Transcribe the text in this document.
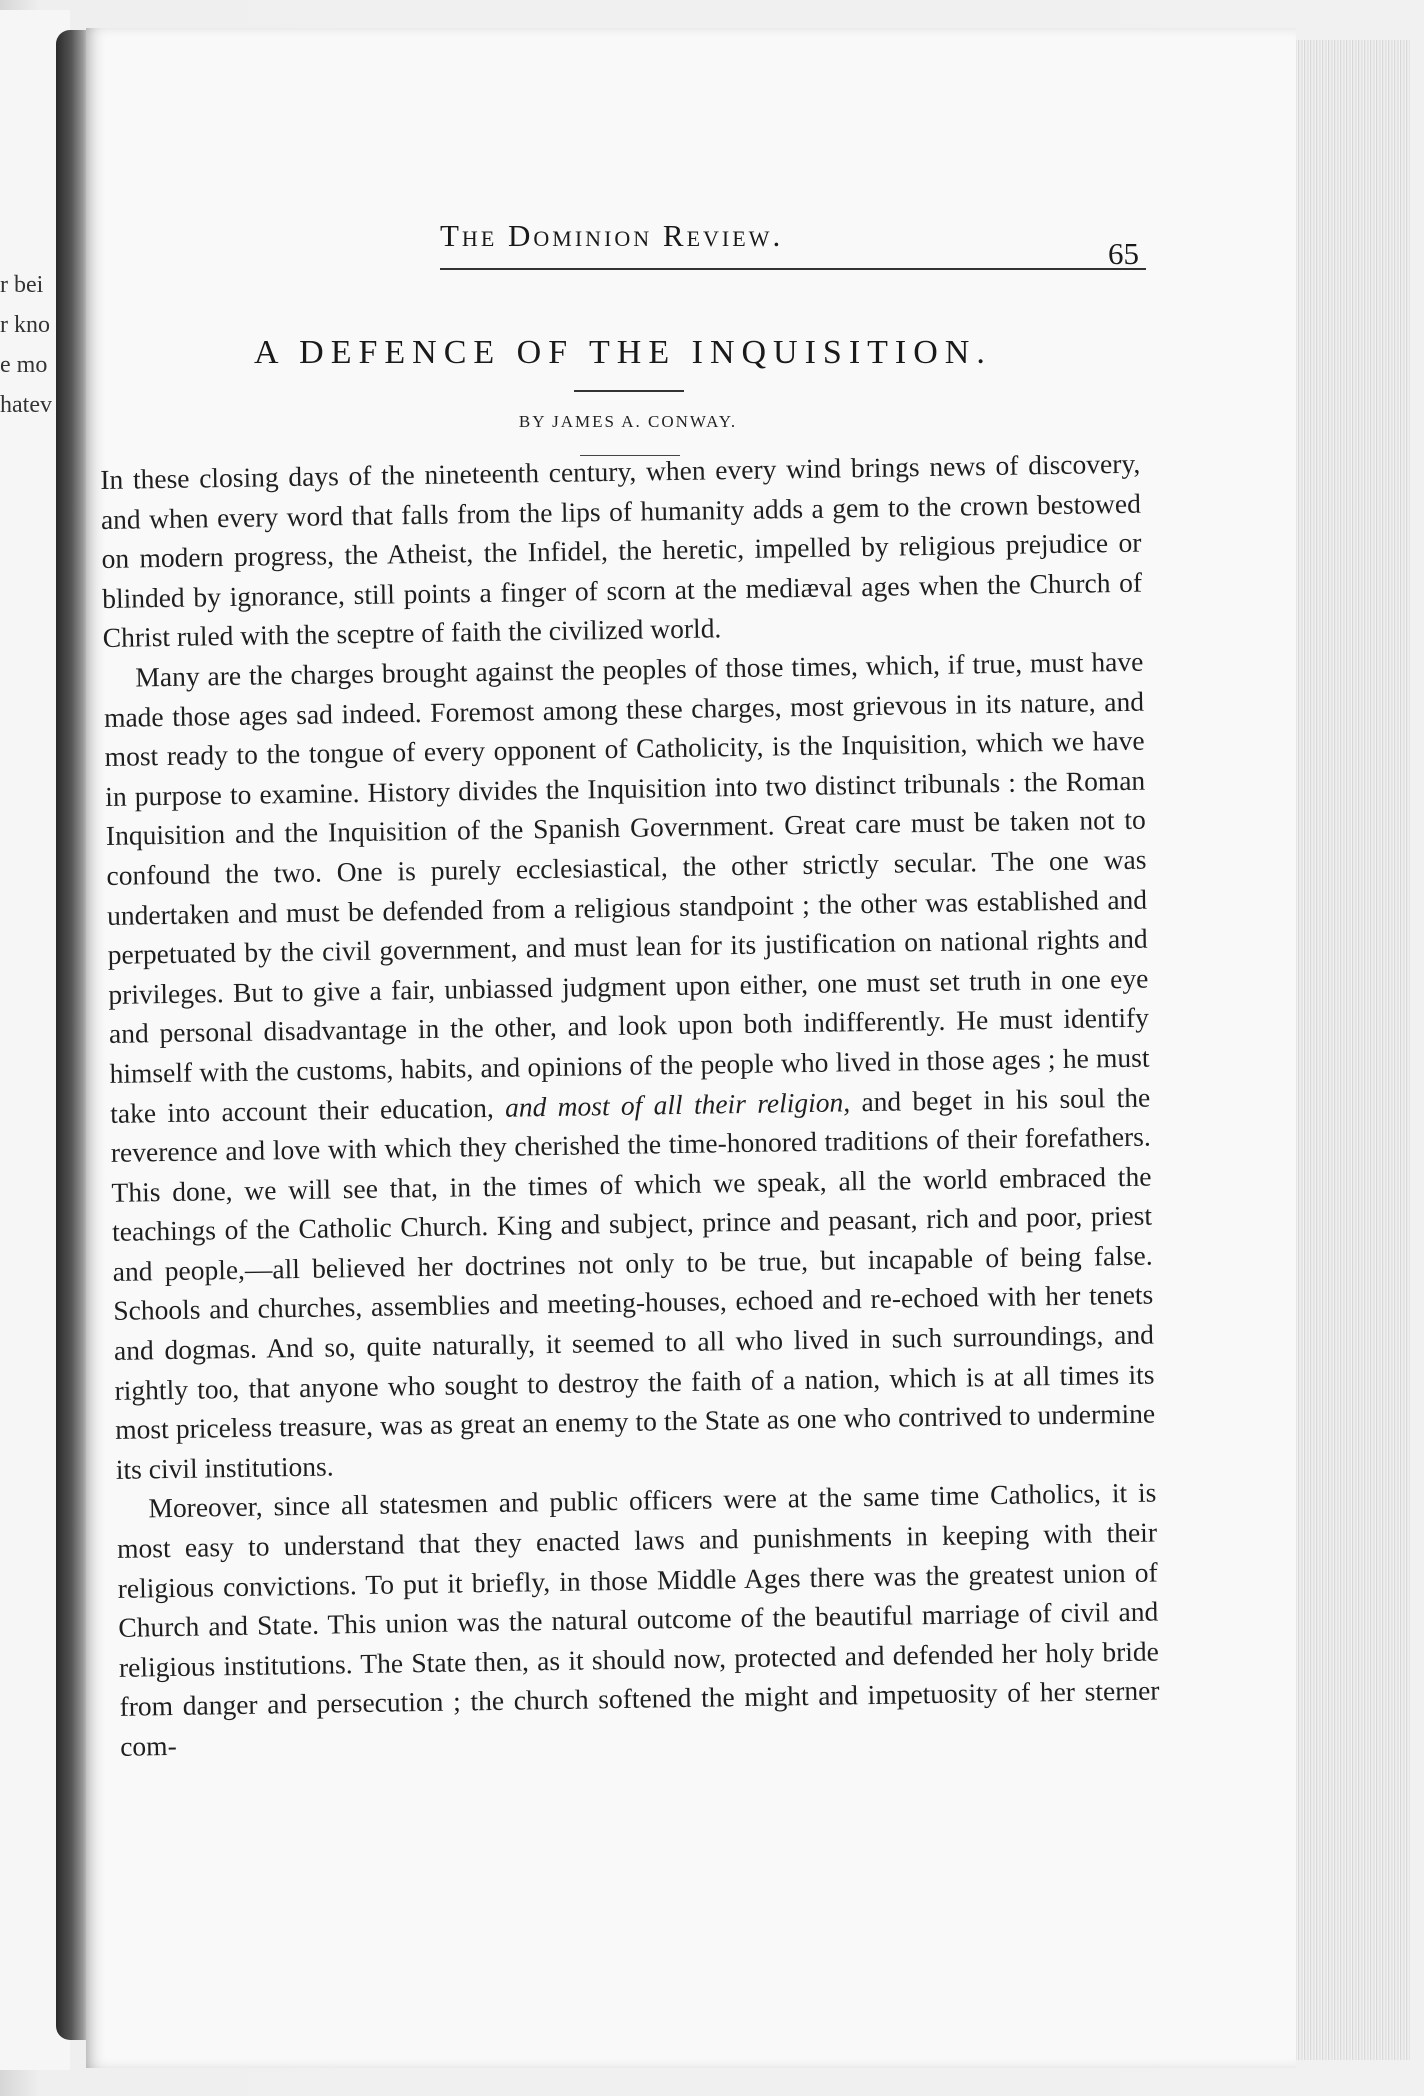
r bei
r kno
e mo
hatev
The Dominion Review.
65
A DEFENCE OF THE INQUISITION.
BY JAMES A. CONWAY.

In these closing days of the nineteenth century, when every wind brings news of discovery, and when every word that falls from the lips of humanity adds a gem to the crown bestowed on modern progress, the Atheist, the Infidel, the heretic, impelled by religious prejudice or blinded by ignorance, still points a finger of scorn at the mediæval ages when the Church of Christ ruled with the sceptre of faith the civilized world.

Many are the charges brought against the peoples of those times, which, if true, must have made those ages sad indeed. Foremost among these charges, most grievous in its nature, and most ready to the tongue of every opponent of Catholicity, is the Inquisition, which we have in purpose to examine. History divides the Inquisition into two distinct tribunals : the Roman Inquisition and the Inquisition of the Spanish Government. Great care must be taken not to confound the two. One is purely ecclesiastical, the other strictly secular. The one was undertaken and must be defended from a religious standpoint ; the other was established and perpetuated by the civil government, and must lean for its justification on national rights and privileges. But to give a fair, unbiassed judgment upon either, one must set truth in one eye and personal disadvantage in the other, and look upon both indifferently. He must identify himself with the customs, habits, and opinions of the people who lived in those ages ; he must take into account their education, and most of all their religion, and beget in his soul the reverence and love with which they cherished the time-honored traditions of their forefathers. This done, we will see that, in the times of which we speak, all the world embraced the teachings of the Catholic Church. King and subject, prince and peasant, rich and poor, priest and people,—all believed her doctrines not only to be true, but incapable of being false. Schools and churches, assemblies and meeting-houses, echoed and re-echoed with her tenets and dogmas. And so, quite naturally, it seemed to all who lived in such surroundings, and rightly too, that anyone who sought to destroy the faith of a nation, which is at all times its most priceless treasure, was as great an enemy to the State as one who contrived to undermine its civil institutions.

Moreover, since all statesmen and public officers were at the same time Catholics, it is most easy to understand that they enacted laws and punishments in keeping with their religious convictions. To put it briefly, in those Middle Ages there was the greatest union of Church and State. This union was the natural outcome of the beautiful marriage of civil and religious institutions. The State then, as it should now, protected and defended her holy bride from danger and persecution ; the church softened the might and impetuosity of her sterner com-
